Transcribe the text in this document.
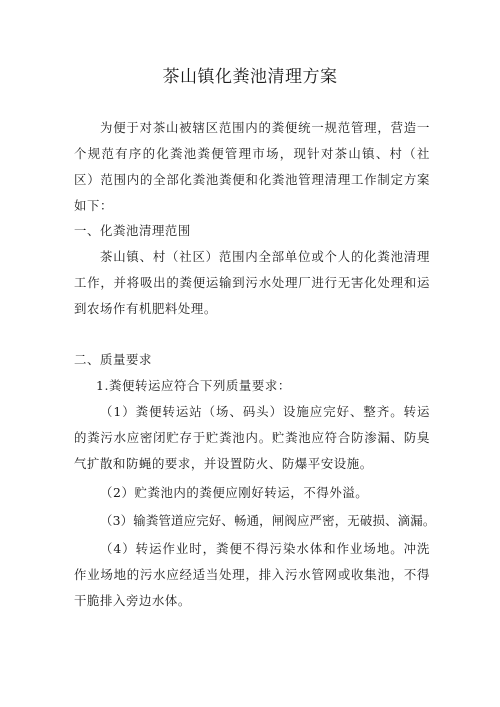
茶山镇化粪池清理方案
为便于对茶山被辖区范围内的粪便统一规范管理，营造一个规范有序的化粪池粪便管理市场，现针对茶山镇、村（社区）范围内的全部化粪池粪便和化粪池管理清理工作制定方案如下：
一、化粪池清理范围
茶山镇、村（社区）范围内全部单位或个人的化粪池清理工作，并将吸出的粪便运输到污水处理厂进行无害化处理和运到农场作有机肥料处理。
二、质量要求
1.粪便转运应符合下列质量要求：
（1）粪便转运站（场、码头）设施应完好、整齐。转运的粪污水应密闭贮存于贮粪池内。贮粪池应符合防渗漏、防臭气扩散和防蝇的要求，并设置防火、防爆平安设施。
（2）贮粪池内的粪便应刚好转运，不得外溢。
（3）输粪管道应完好、畅通，闸阀应严密，无破损、滴漏。
（4）转运作业时，粪便不得污染水体和作业场地。冲洗作业场地的污水应经适当处理，排入污水管网或收集池，不得干脆排入旁边水体。
